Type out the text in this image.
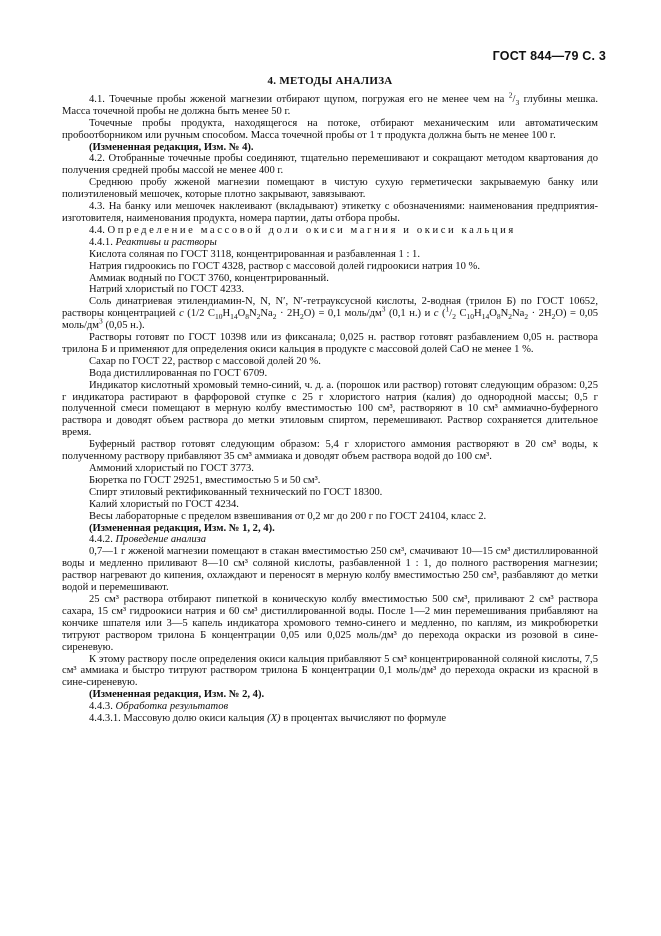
ГОСТ 844—79 С. 3
4. МЕТОДЫ АНАЛИЗА

4.1. Точечные пробы жженой магнезии отбирают щупом, погружая его не менее чем на $^2/_3$ глубины мешка. Масса точечной пробы не должна быть менее 50 г.

Точечные пробы продукта, находящегося на потоке, отбирают механическим или автоматическим пробоотборником или ручным способом. Масса точечной пробы от 1 т продукта должна быть не менее 100 г.

(Измененная редакция, Изм. № 4).

4.2. Отобранные точечные пробы соединяют, тщательно перемешивают и сокращают методом квартования до получения средней пробы массой не менее 400 г.

Среднюю пробу жженой магнезии помещают в чистую сухую герметически закрываемую банку или полиэтиленовый мешочек, которые плотно закрывают, завязывают.

4.3. На банку или мешочек наклеивают (вкладывают) этикетку с обозначениями: наименования предприятия-изготовителя, наименования продукта, номера партии, даты отбора пробы.

4.4. Определение массовой доли окиси магния и окиси кальция

4.4.1. Реактивы и растворы

Кислота соляная по ГОСТ 3118, концентрированная и разбавленная 1 : 1.

Натрия гидроокись по ГОСТ 4328, раствор с массовой долей гидроокиси натрия 10 %.

Аммиак водный по ГОСТ 3760, концентрированный.

Натрий хлористый по ГОСТ 4233.

Соль динатриевая этилендиамин-N, N, N′, N′-тетрауксусной кислоты, 2-водная (трилон Б) по ГОСТ 10652, растворы концентрацией c (1/2 $C_{10}H_{14}O_8N_2Na_2 \cdot 2H_2O) = 0,1$ моль/$дм^3$ (0,1 н.) и c ($^1/_2$ $C_{10}H_{14}O_8N_2Na_2 \cdot 2H_2O) = 0,05$ моль/$дм^3$ (0,05 н.).

Растворы готовят по ГОСТ 10398 или из фиксанала; 0,025 н. раствор готовят разбавлением 0,05 н. раствора трилона Б и применяют для определения окиси кальция в продукте с массовой долей CaO не менее 1 %.

Сахар по ГОСТ 22, раствор с массовой долей 20 %.

Вода дистиллированная по ГОСТ 6709.

Индикатор кислотный хромовый темно-синий, ч. д. а. (порошок или раствор) готовят следующим образом: 0,25 г индикатора растирают в фарфоровой ступке с 25 г хлористого натрия (калия) до однородной массы; 0,5 г полученной смеси помещают в мерную колбу вместимостью 100 см³, растворяют в 10 см³ аммиачно-буферного раствора и доводят объем раствора до метки этиловым спиртом, перемешивают. Раствор сохраняется длительное время.

Буферный раствор готовят следующим образом: 5,4 г хлористого аммония растворяют в 20 см³ воды, к полученному раствору прибавляют 35 см³ аммиака и доводят объем раствора водой до 100 см³.

Аммоний хлористый по ГОСТ 3773.

Бюретка по ГОСТ 29251, вместимостью 5 и 50 см³.

Спирт этиловый ректификованный технический по ГОСТ 18300.

Калий хлористый по ГОСТ 4234.

Весы лабораторные с пределом взвешивания от 0,2 мг до 200 г по ГОСТ 24104, класс 2.

(Измененная редакция, Изм. № 1, 2, 4).

4.4.2. Проведение анализа

0,7—1 г жженой магнезии помещают в стакан вместимостью 250 см³, смачивают 10—15 см³ дистиллированной воды и медленно приливают 8—10 см³ соляной кислоты, разбавленной 1 : 1, до полного растворения магнезии; раствор нагревают до кипения, охлаждают и переносят в мерную колбу вместимостью 250 см³, разбавляют до метки водой и перемешивают.

25 см³ раствора отбирают пипеткой в коническую колбу вместимостью 500 см³, приливают 2 см³ раствора сахара, 15 см³ гидроокиси натрия и 60 см³ дистиллированной воды. После 1—2 мин перемешивания прибавляют на кончике шпателя или 3—5 капель индикатора хромового темно-синего и медленно, по каплям, из микробюретки титруют раствором трилона Б концентрации 0,05 или 0,025 моль/дм³ до перехода окраски из розовой в сине-сиреневую.

К этому раствору после определения окиси кальция прибавляют 5 см³ концентрированной соляной кислоты, 7,5 см³ аммиака и быстро титруют раствором трилона Б концентрации 0,1 моль/дм³ до перехода окраски из красной в сине-сиреневую.

(Измененная редакция, Изм. № 2, 4).

4.4.3. Обработка результатов

4.4.3.1. Массовую долю окиси кальция (X) в процентах вычисляют по формуле
